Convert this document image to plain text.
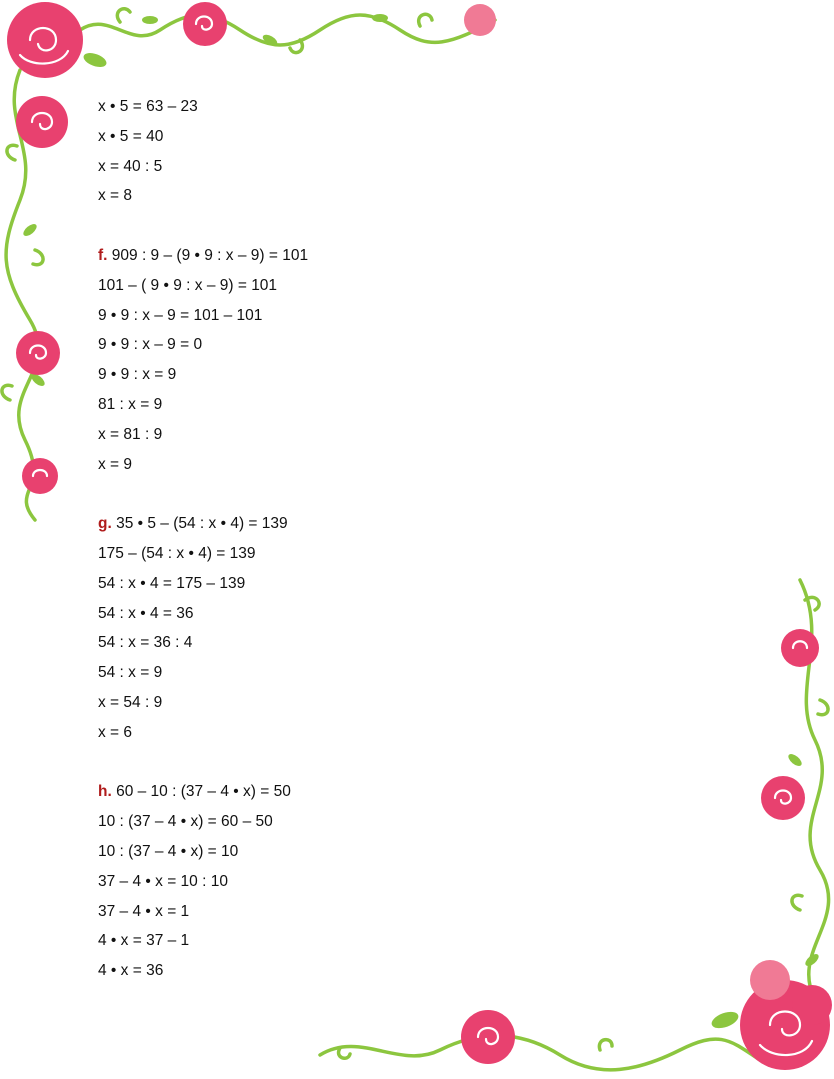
x • 5 = 63 – 23
x • 5 = 40
x = 40 : 5
x = 8
f. 909 : 9 – (9 • 9 : x – 9) = 101
101 – ( 9 • 9 : x – 9) = 101
9 • 9 : x – 9 = 101 – 101
9 • 9 : x – 9 = 0
9 • 9 : x = 9
81 : x = 9
x = 81 : 9
x = 9
g. 35 • 5 – (54 : x • 4) = 139
175 – (54 : x • 4) = 139
54 : x • 4 = 175 – 139
54 : x • 4 = 36
54 : x = 36 : 4
54 : x = 9
x = 54 : 9
x = 6
h. 60 – 10 : (37 – 4 • x) = 50
10 : (37 – 4 • x) = 60 – 50
10 : (37 – 4 • x) = 10
37 – 4 • x = 10 : 10
37 – 4 • x = 1
4 • x = 37 – 1
4 • x = 36
